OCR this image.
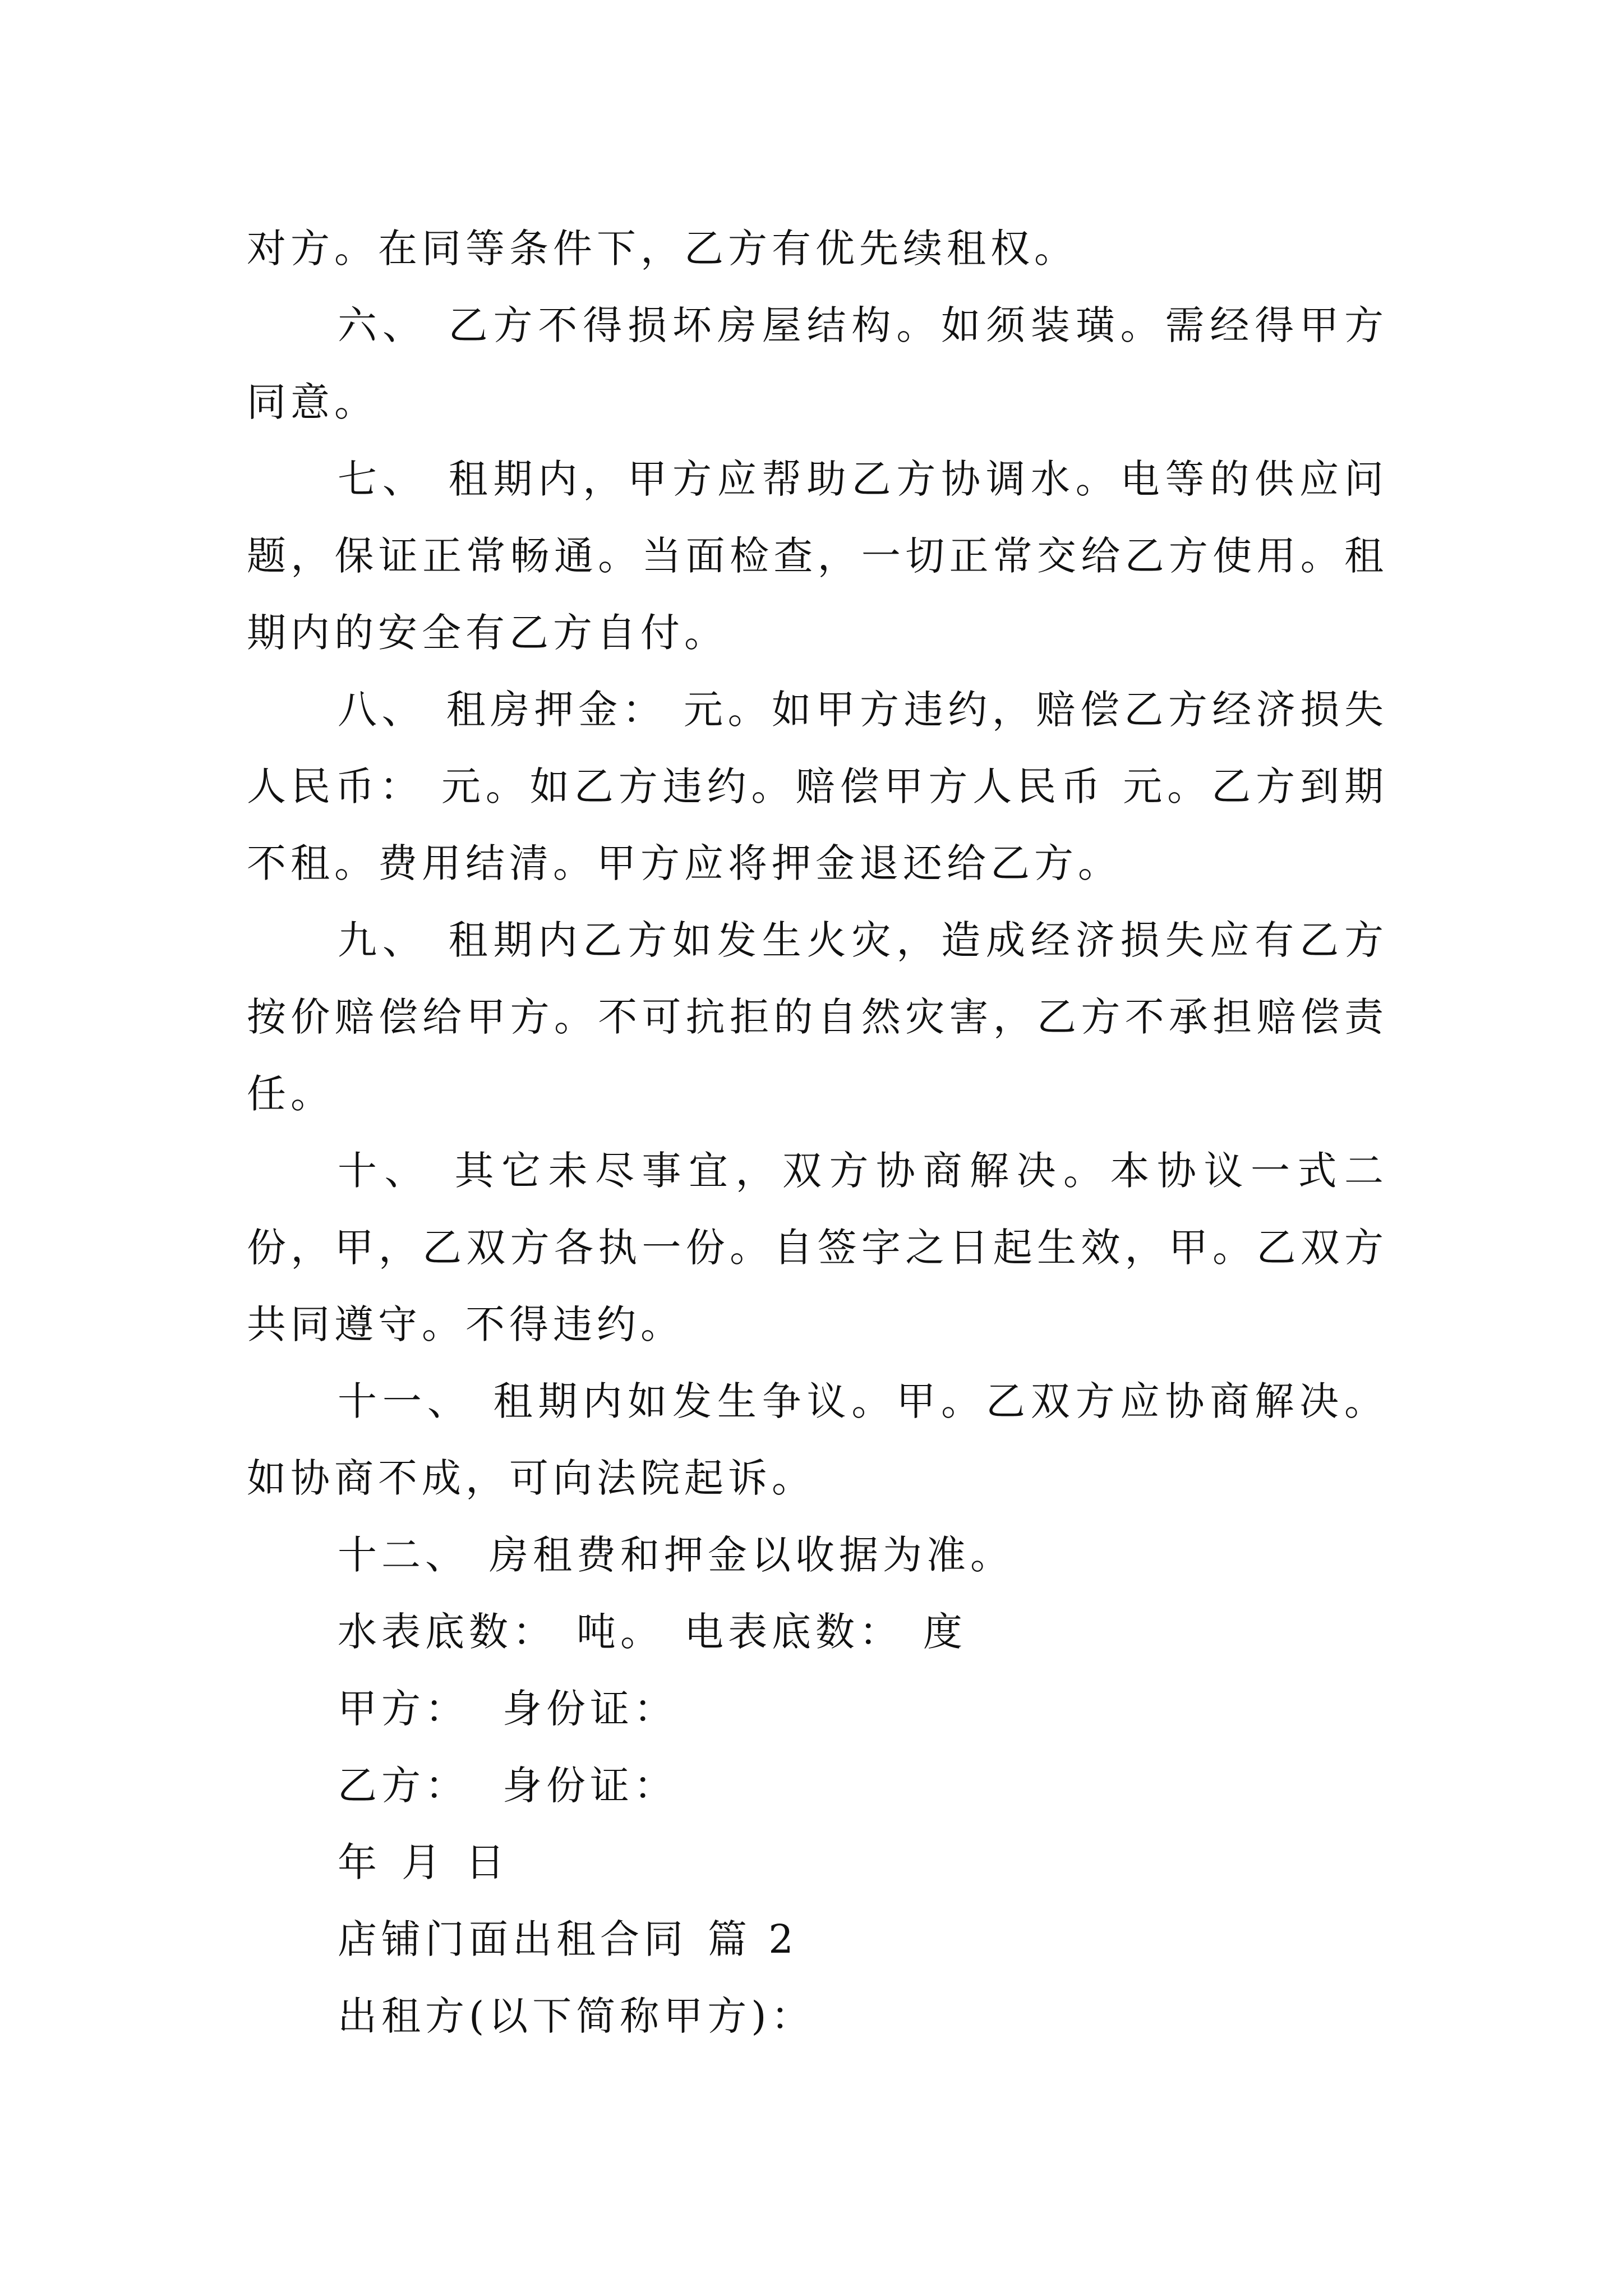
对方。在同等条件下，乙方有优先续租权。

六、 乙方不得损坏房屋结构。如须装璜。需经得甲方同意。

七、 租期内，甲方应帮助乙方协调水。电等的供应问题，保证正常畅通。当面检查，一切正常交给乙方使用。租期内的安全有乙方自付。

八、 租房押金： 元。如甲方违约，赔偿乙方经济损失人民币： 元。如乙方违约。赔偿甲方人民币 元。乙方到期不租。费用结清。甲方应将押金退还给乙方。

九、 租期内乙方如发生火灾，造成经济损失应有乙方按价赔偿给甲方。不可抗拒的自然灾害，乙方不承担赔偿责任。

十、 其它未尽事宜，双方协商解决。本协议一式二份，甲，乙双方各执一份。自签字之日起生效，甲。乙双方共同遵守。不得违约。

十一、 租期内如发生争议。甲。乙双方应协商解决。如协商不成，可向法院起诉。

十二、 房租费和押金以收据为准。

水表底数： 吨。 电表底数： 度

甲方： 身份证：

乙方： 身份证：

年 月 日

店铺门面出租合同 篇 2

出租方(以下简称甲方)：
